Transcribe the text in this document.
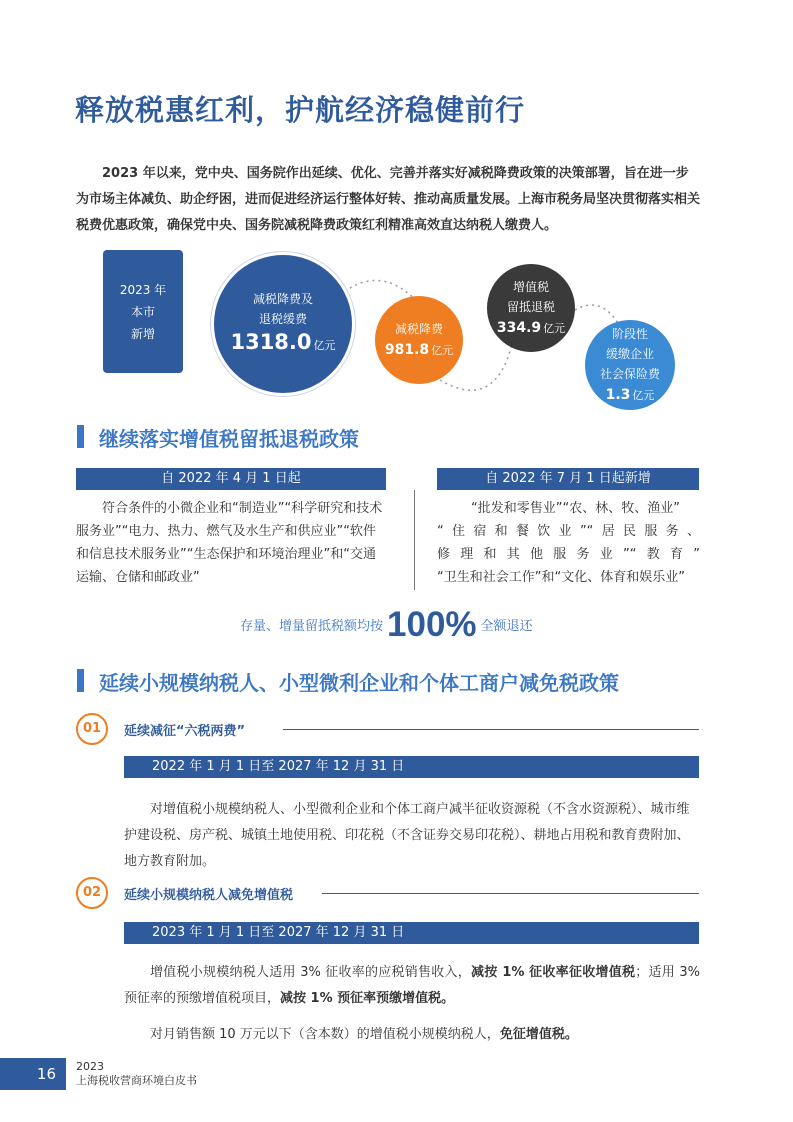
释放税惠红利，护航经济稳健前行

2023 年以来，党中央、国务院作出延续、优化、完善并落实好减税降费政策的决策部署，旨在进一步为市场主体减负、助企纾困，进而促进经济运行整体好转、推动高质量发展。上海市税务局坚决贯彻落实相关税费优惠政策，确保党中央、国务院减税降费政策红利精准高效直达纳税人缴费人。

2023 年
本市
新增
减税降费及
退税缓费
1318.0 亿元
减税降费
981.8 亿元
增值税
留抵退税
334.9 亿元	阶段性
缓缴企业
社会保险费
1.3 亿元
继续落实增值税留抵退税政策
自 2022 年 4 月 1 日起

符合条件的小微企业和“制造业”“科学研究和技术服务业”“电力、热力、燃气及水生产和供应业”“软件和信息技术服务业”“生态保护和环境治理业”和“交通运输、仓储和邮政业”

自 2022 年 7 月 1 日起新增
“批发和零售业”“农、林、牧、渔业”
“住宿和餐饮业”“居民服务、
修理和其他服务业”“教育”
“卫生和社会工作”和“文化、体育和娱乐业”
存量、增量留抵税额均按 100% 全额退还
延续小规模纳税人、小型微利企业和个体工商户减免税政策
01	延续减征“六税两费”
2022 年 1 月 1 日至 2027 年 12 月 31 日

对增值税小规模纳税人、小型微利企业和个体工商户减半征收资源税（不含水资源税）、城市维护建设税、房产税、城镇土地使用税、印花税（不含证券交易印花税）、耕地占用税和教育费附加、地方教育附加。

02	延续小规模纳税人减免增值税
2023 年 1 月 1 日至 2027 年 12 月 31 日

增值税小规模纳税人适用 3% 征收率的应税销售收入，减按 1% 征收率征收增值税；适用 3% 预征率的预缴增值税项目，减按 1% 预征率预缴增值税。

对月销售额 10 万元以下（含本数）的增值税小规模纳税人，免征增值税。

16	2023
上海税收营商环境白皮书
